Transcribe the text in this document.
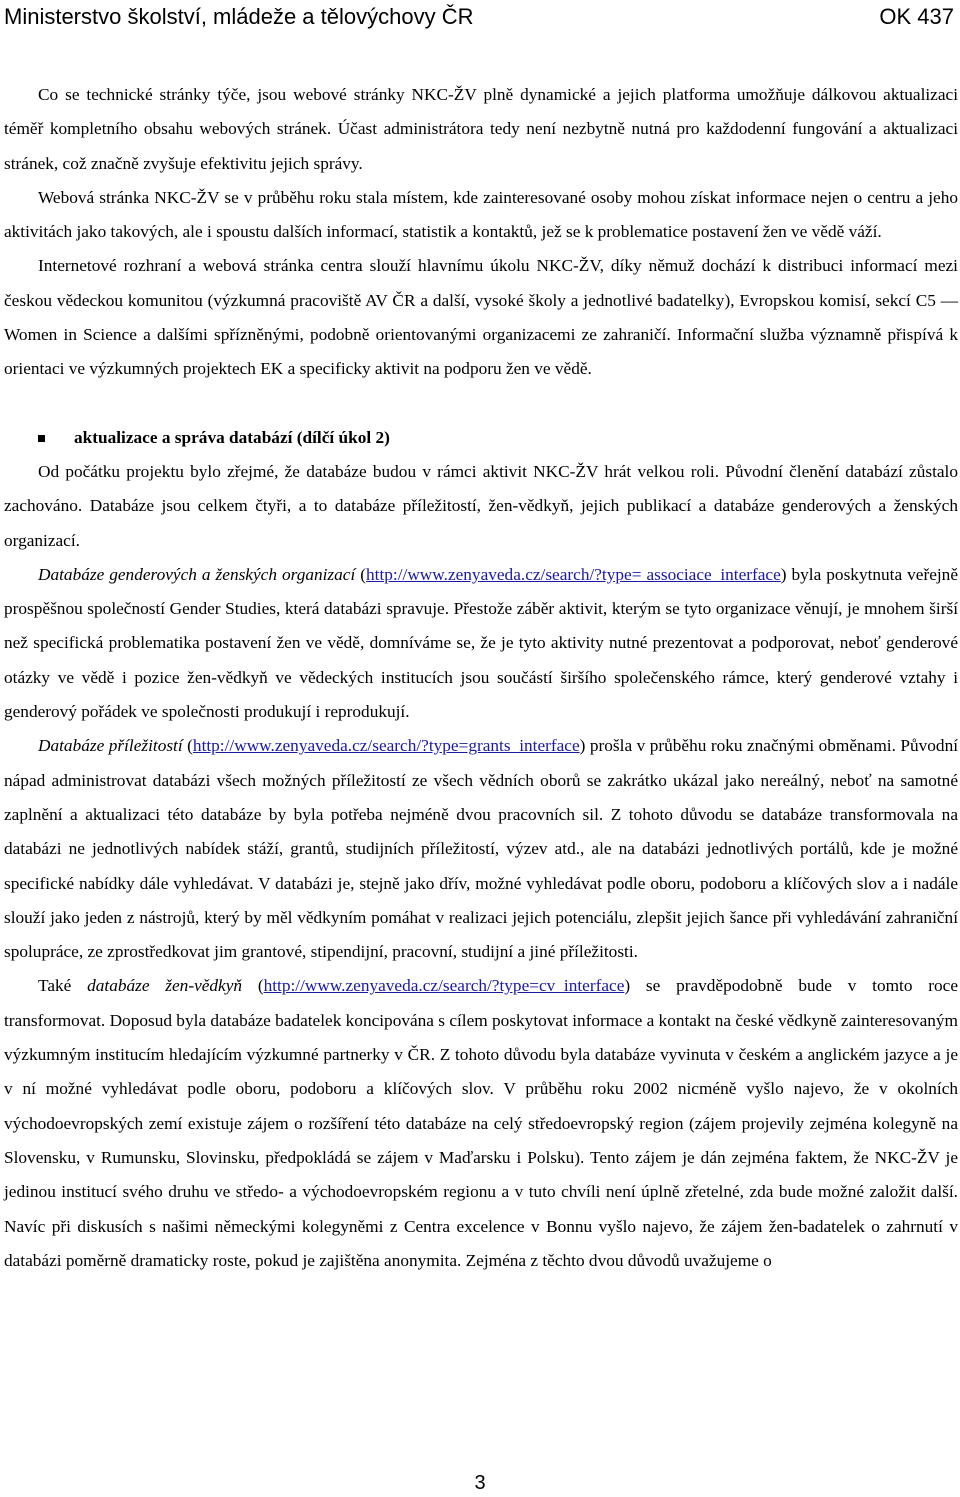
Ministerstvo školství, mládeže a tělovýchovy ČR	OK 437

Co se technické stránky týče, jsou webové stránky NKC-ŽV plně dynamické a jejich platforma umožňuje dálkovou aktualizaci téměř kompletního obsahu webových stránek. Účast administrátora tedy není nezbytně nutná pro každodenní fungování a aktualizaci stránek, což značně zvyšuje efektivitu jejich správy.

Webová stránka NKC-ŽV se v průběhu roku stala místem, kde zainteresované osoby mohou získat informace nejen o centru a jeho aktivitách jako takových, ale i spoustu dalších informací, statistik a kontaktů, jež se k problematice postavení žen ve vědě váží.

Internetové rozhraní a webová stránka centra slouží hlavnímu úkolu NKC-ŽV, díky němuž dochází k distribuci informací mezi českou vědeckou komunitou (výzkumná pracoviště AV ČR a další, vysoké školy a jednotlivé badatelky), Evropskou komisí, sekcí C5 — Women in Science a dalšími spřízněnými, podobně orientovanými organizacemi ze zahraničí. Informační služba významně přispívá k orientaci ve výzkumných projektech EK a specificky aktivit na podporu žen ve vědě.

aktualizace a správa databází (dílčí úkol 2)

Od počátku projektu bylo zřejmé, že databáze budou v rámci aktivit NKC-ŽV hrát velkou roli. Původní členění databází zůstalo zachováno. Databáze jsou celkem čtyři, a to databáze příležitostí, žen-vědkyň, jejich publikací a databáze genderových a ženských organizací.

Databáze genderových a ženských organizací (http://www.zenyaveda.cz/search/?type= associace_interface) byla poskytnuta veřejně prospěšnou společností Gender Studies, která databázi spravuje. Přestože záběr aktivit, kterým se tyto organizace věnují, je mnohem širší než specifická problematika postavení žen ve vědě, domníváme se, že je tyto aktivity nutné prezentovat a podporovat, neboť genderové otázky ve vědě i pozice žen-vědkyň ve vědeckých institucích jsou součástí širšího společenského rámce, který genderové vztahy i genderový pořádek ve společnosti produkují i reprodukují.

Databáze příležitostí (http://www.zenyaveda.cz/search/?type=grants_interface) prošla v průběhu roku značnými obměnami. Původní nápad administrovat databázi všech možných příležitostí ze všech vědních oborů se zakrátko ukázal jako nereálný, neboť na samotné zaplnění a aktualizaci této databáze by byla potřeba nejméně dvou pracovních sil. Z tohoto důvodu se databáze transformovala na databázi ne jednotlivých nabídek stáží, grantů, studijních příležitostí, výzev atd., ale na databázi jednotlivých portálů, kde je možné specifické nabídky dále vyhledávat. V databázi je, stejně jako dřív, možné vyhledávat podle oboru, podoboru a klíčových slov a i nadále slouží jako jeden z nástrojů, který by měl vědkyním pomáhat v realizaci jejich potenciálu, zlepšit jejich šance při vyhledávání zahraniční spolupráce, ze zprostředkovat jim grantové, stipendijní, pracovní, studijní a jiné příležitosti.

Také databáze žen-vědkyň (http://www.zenyaveda.cz/search/?type=cv_interface) se pravděpodobně bude v tomto roce transformovat. Doposud byla databáze badatelek koncipována s cílem poskytovat informace a kontakt na české vědkyně zainteresovaným výzkumným institucím hledajícím výzkumné partnerky v ČR. Z tohoto důvodu byla databáze vyvinuta v českém a anglickém jazyce a je v ní možné vyhledávat podle oboru, podoboru a klíčových slov. V průběhu roku 2002 nicméně vyšlo najevo, že v okolních východoevropských zemí existuje zájem o rozšíření této databáze na celý středoevropský region (zájem projevily zejména kolegyně na Slovensku, v Rumunsku, Slovinsku, předpokládá se zájem v Maďarsku i Polsku). Tento zájem je dán zejména faktem, že NKC-ŽV je jedinou institucí svého druhu ve středo- a východoevropském regionu a v tuto chvíli není úplně zřetelné, zda bude možné založit další. Navíc při diskusích s našimi německými kolegyněmi z Centra excelence v Bonnu vyšlo najevo, že zájem žen-badatelek o zahrnutí v databázi poměrně dramaticky roste, pokud je zajištěna anonymita. Zejména z těchto dvou důvodů uvažujeme o

3
